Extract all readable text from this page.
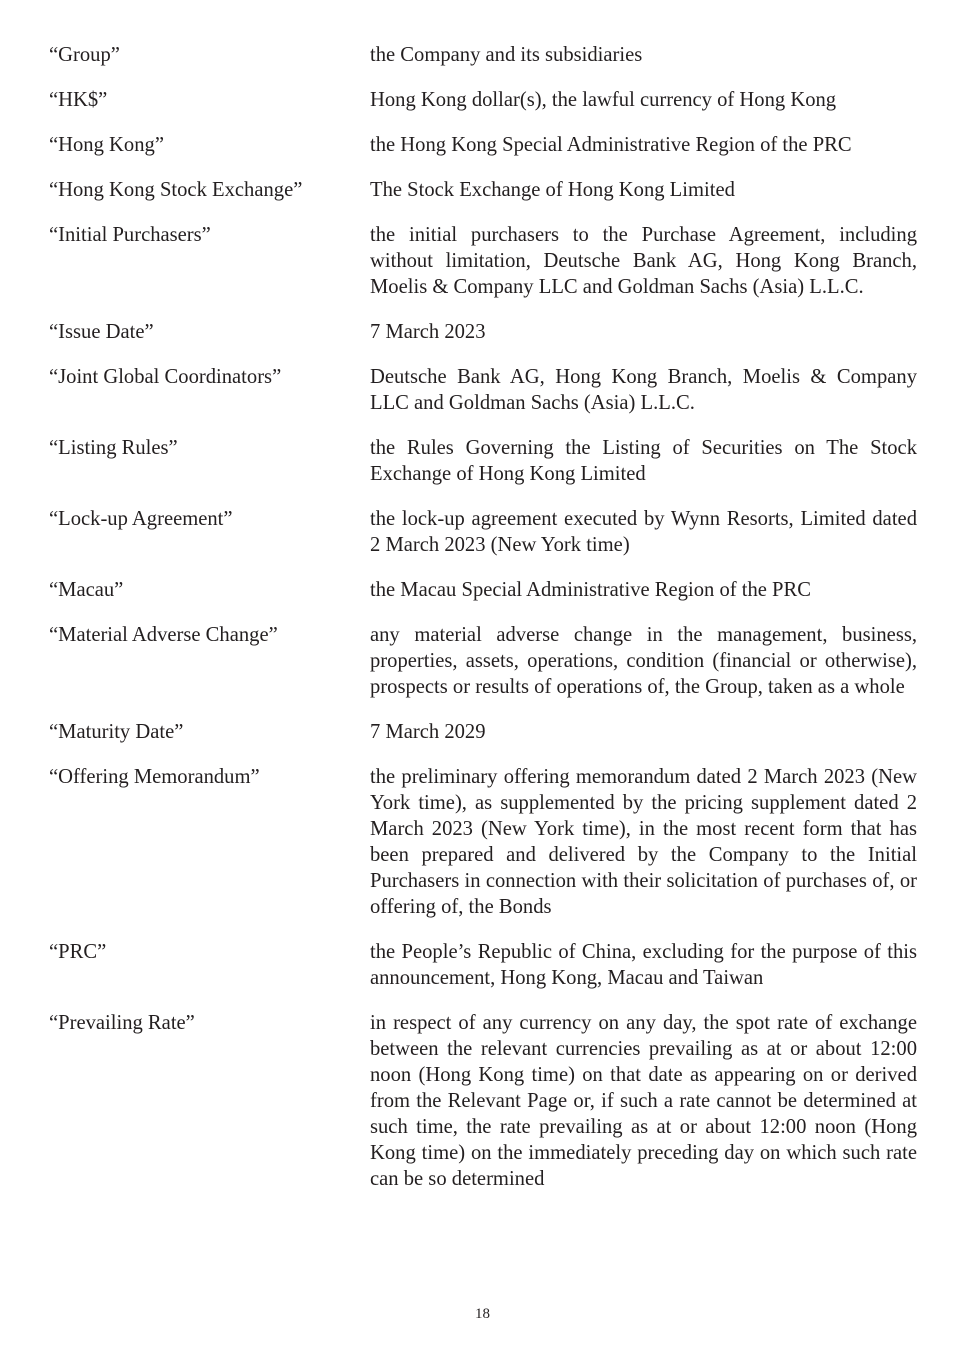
“Group”	the Company and its subsidiaries
“HK$”	Hong Kong dollar(s), the lawful currency of Hong Kong
“Hong Kong”	the Hong Kong Special Administrative Region of the PRC
“Hong Kong Stock Exchange”	The Stock Exchange of Hong Kong Limited
“Initial Purchasers”	the initial purchasers to the Purchase Agreement, including without limitation, Deutsche Bank AG, Hong Kong Branch, Moelis & Company LLC and Goldman Sachs (Asia) L.L.C.
“Issue Date”	7 March 2023
“Joint Global Coordinators”	Deutsche Bank AG, Hong Kong Branch, Moelis & Company LLC and Goldman Sachs (Asia) L.L.C.
“Listing Rules”	the Rules Governing the Listing of Securities on The Stock Exchange of Hong Kong Limited
“Lock-up Agreement”	the lock-up agreement executed by Wynn Resorts, Limited dated 2 March 2023 (New York time)
“Macau”	the Macau Special Administrative Region of the PRC
“Material Adverse Change”	any material adverse change in the management, business, properties, assets, operations, condition (financial or otherwise), prospects or results of operations of, the Group, taken as a whole
“Maturity Date”	7 March 2029
“Offering Memorandum”	the preliminary offering memorandum dated 2 March 2023 (New York time), as supplemented by the pricing supplement dated 2 March 2023 (New York time), in the most recent form that has been prepared and delivered by the Company to the Initial Purchasers in connection with their solicitation of purchases of, or offering of, the Bonds
“PRC”	the People’s Republic of China, excluding for the purpose of this announcement, Hong Kong, Macau and Taiwan
“Prevailing Rate”	in respect of any currency on any day, the spot rate of exchange between the relevant currencies prevailing as at or about 12:00 noon (Hong Kong time) on that date as appearing on or derived from the Relevant Page or, if such a rate cannot be determined at such time, the rate prevailing as at or about 12:00 noon (Hong Kong time) on the immediately preceding day on which such rate can be so determined
18
